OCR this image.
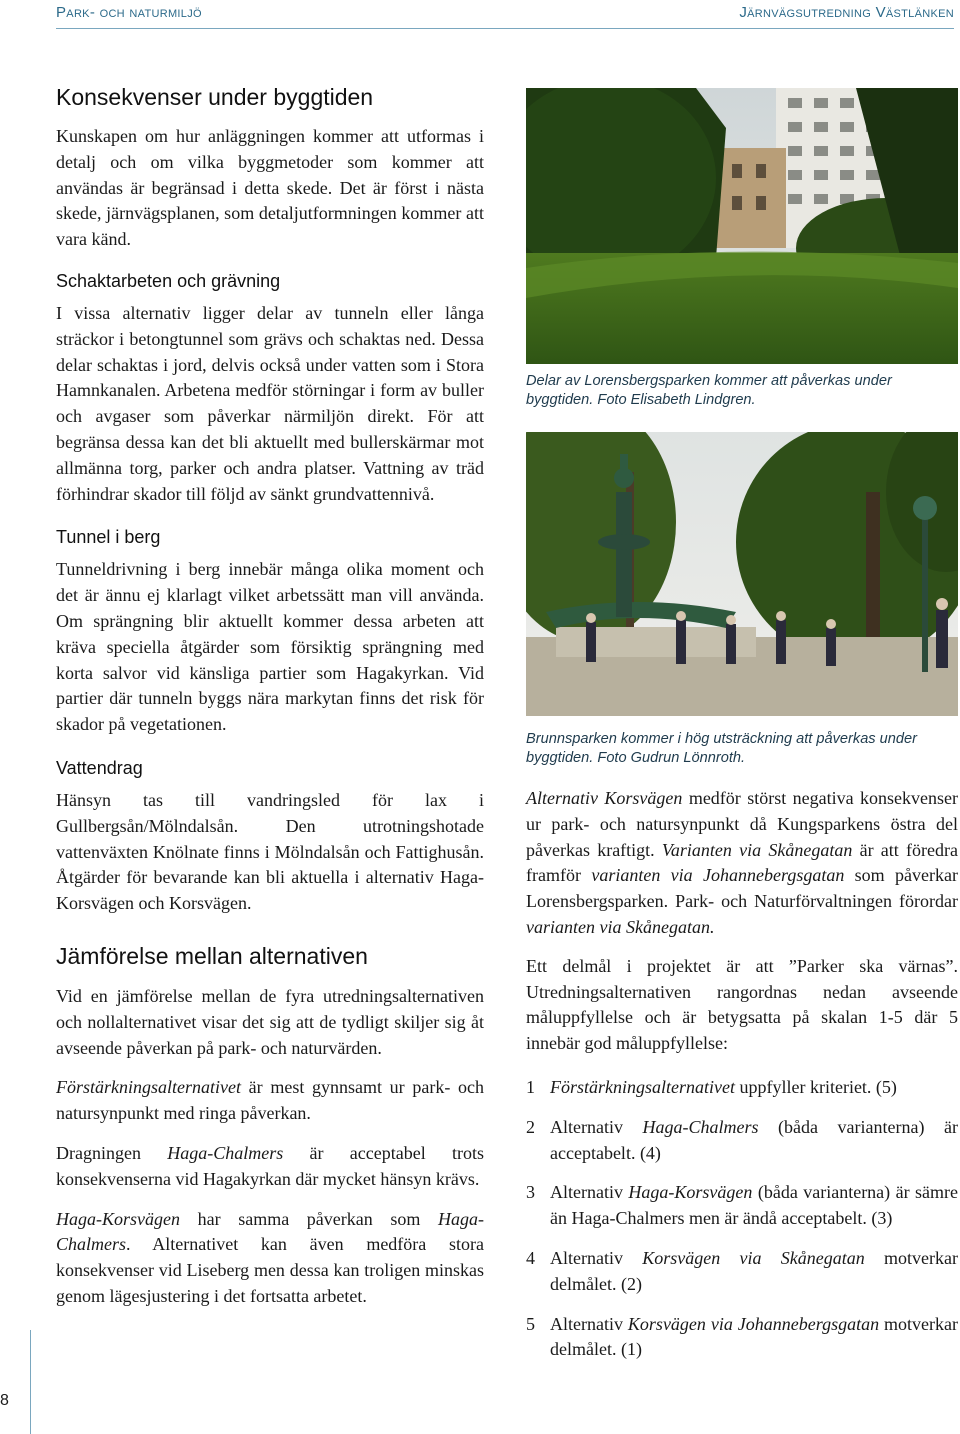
Park- och naturmiljö	Järnvägsutredning Västlänken
Konsekvenser under byggtiden

Kunskapen om hur anläggningen kommer att utformas i detalj och om vilka byggmetoder som kommer att användas är begränsad i detta skede. Det är först i nästa skede, järnvägsplanen, som detaljutformningen kommer att vara känd.

Schaktarbeten och grävning

I vissa alternativ ligger delar av tunneln eller långa sträckor i betongtunnel som grävs och schaktas ned. Dessa delar schaktas i jord, delvis också under vatten som i Stora Hamnkanalen. Arbetena medför störningar i form av buller och avgaser som påverkar närmiljön direkt. För att begränsa dessa kan det bli aktuellt med bullerskärmar mot allmänna torg, parker och andra platser. Vattning av träd förhindrar skador till följd av sänkt grundvattennivå.

Tunnel i berg

Tunneldrivning i berg innebär många olika moment och det är ännu ej klarlagt vilket arbetssätt man vill använda. Om sprängning blir aktuellt kommer dessa arbeten att kräva speciella åtgärder som försiktig sprängning med korta salvor vid känsliga partier som Hagakyrkan. Vid partier där tunneln byggs nära markytan finns det risk för skador på vegetationen.

Vattendrag

Hänsyn tas till vandringsled för lax i Gullbergsån/Mölndalsån. Den utrotningshotade vattenväxten Knölnate finns i Mölndalsån och Fattighusån. Åtgärder för bevarande kan bli aktuella i alternativ Haga-Korsvägen och Korsvägen.

Jämförelse mellan alternativen

Vid en jämförelse mellan de fyra utredningsalternativen och nollalternativet visar det sig att de tydligt skiljer sig åt avseende påverkan på park- och naturvärden.

Förstärkningsalternativet är mest gynnsamt ur park- och natursynpunkt med ringa påverkan.

Dragningen Haga-Chalmers är acceptabel trots konsekvenserna vid Hagakyrkan där mycket hänsyn krävs.

Haga-Korsvägen har samma påverkan som Haga-Chalmers. Alternativet kan även medföra stora konsekvenser vid Liseberg men dessa kan troligen minskas genom lägesjustering i det fortsatta arbetet.

Delar av Lorensbergsparken kommer att påverkas under byggtiden. Foto Elisabeth Lindgren.
Brunnsparken kommer i hög utsträckning att påverkas under byggtiden. Foto Gudrun Lönnroth.

Alternativ Korsvägen medför störst negativa konsekvenser ur park- och natursynpunkt då Kungsparkens östra del påverkas kraftigt. Varianten via Skånegatan är att föredra framför varianten via Johannebergsgatan som påverkar Lorensbergsparken. Park- och Naturförvaltningen förordar varianten via Skånegatan.

Ett delmål i projektet är att ”Parker ska värnas”. Utredningsalternativen rangordnas nedan avseende måluppfyllelse och är betygsatta på skalan 1-5 där 5 innebär god måluppfyllelse:

1 Förstärkningsalternativet uppfyller kriteriet. (5)
2 Alternativ Haga-Chalmers (båda varianterna) är acceptabelt. (4)
3 Alternativ Haga-Korsvägen (båda varianterna) är sämre än Haga-Chalmers men är ändå acceptabelt. (3)
4 Alternativ Korsvägen via Skånegatan motverkar delmålet. (2)
5 Alternativ Korsvägen via Johannebergsgatan motverkar delmålet. (1)
8
